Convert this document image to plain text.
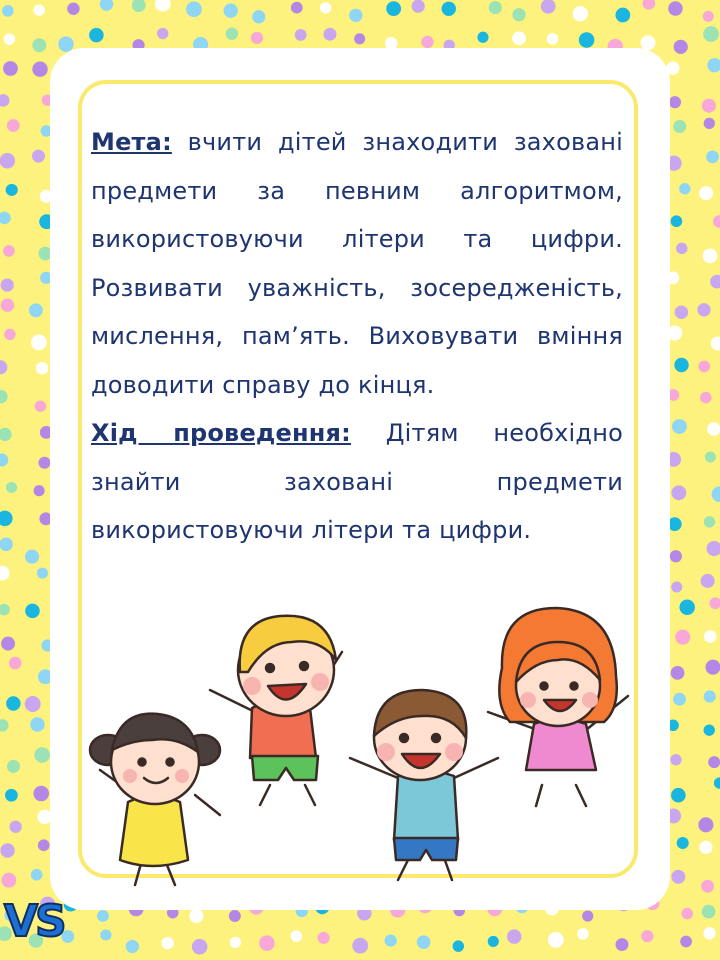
Мета: вчити дітей знаходити заховані предмети за певним алгоритмом, використовуючи літери та цифри. Розвивати уважність, зосередженість, мислення, пам’ять. Виховувати вміння доводити справу до кінця.

Хід проведення: Дітям необхідно знайти заховані предмети використовуючи літери та цифри.

VS
